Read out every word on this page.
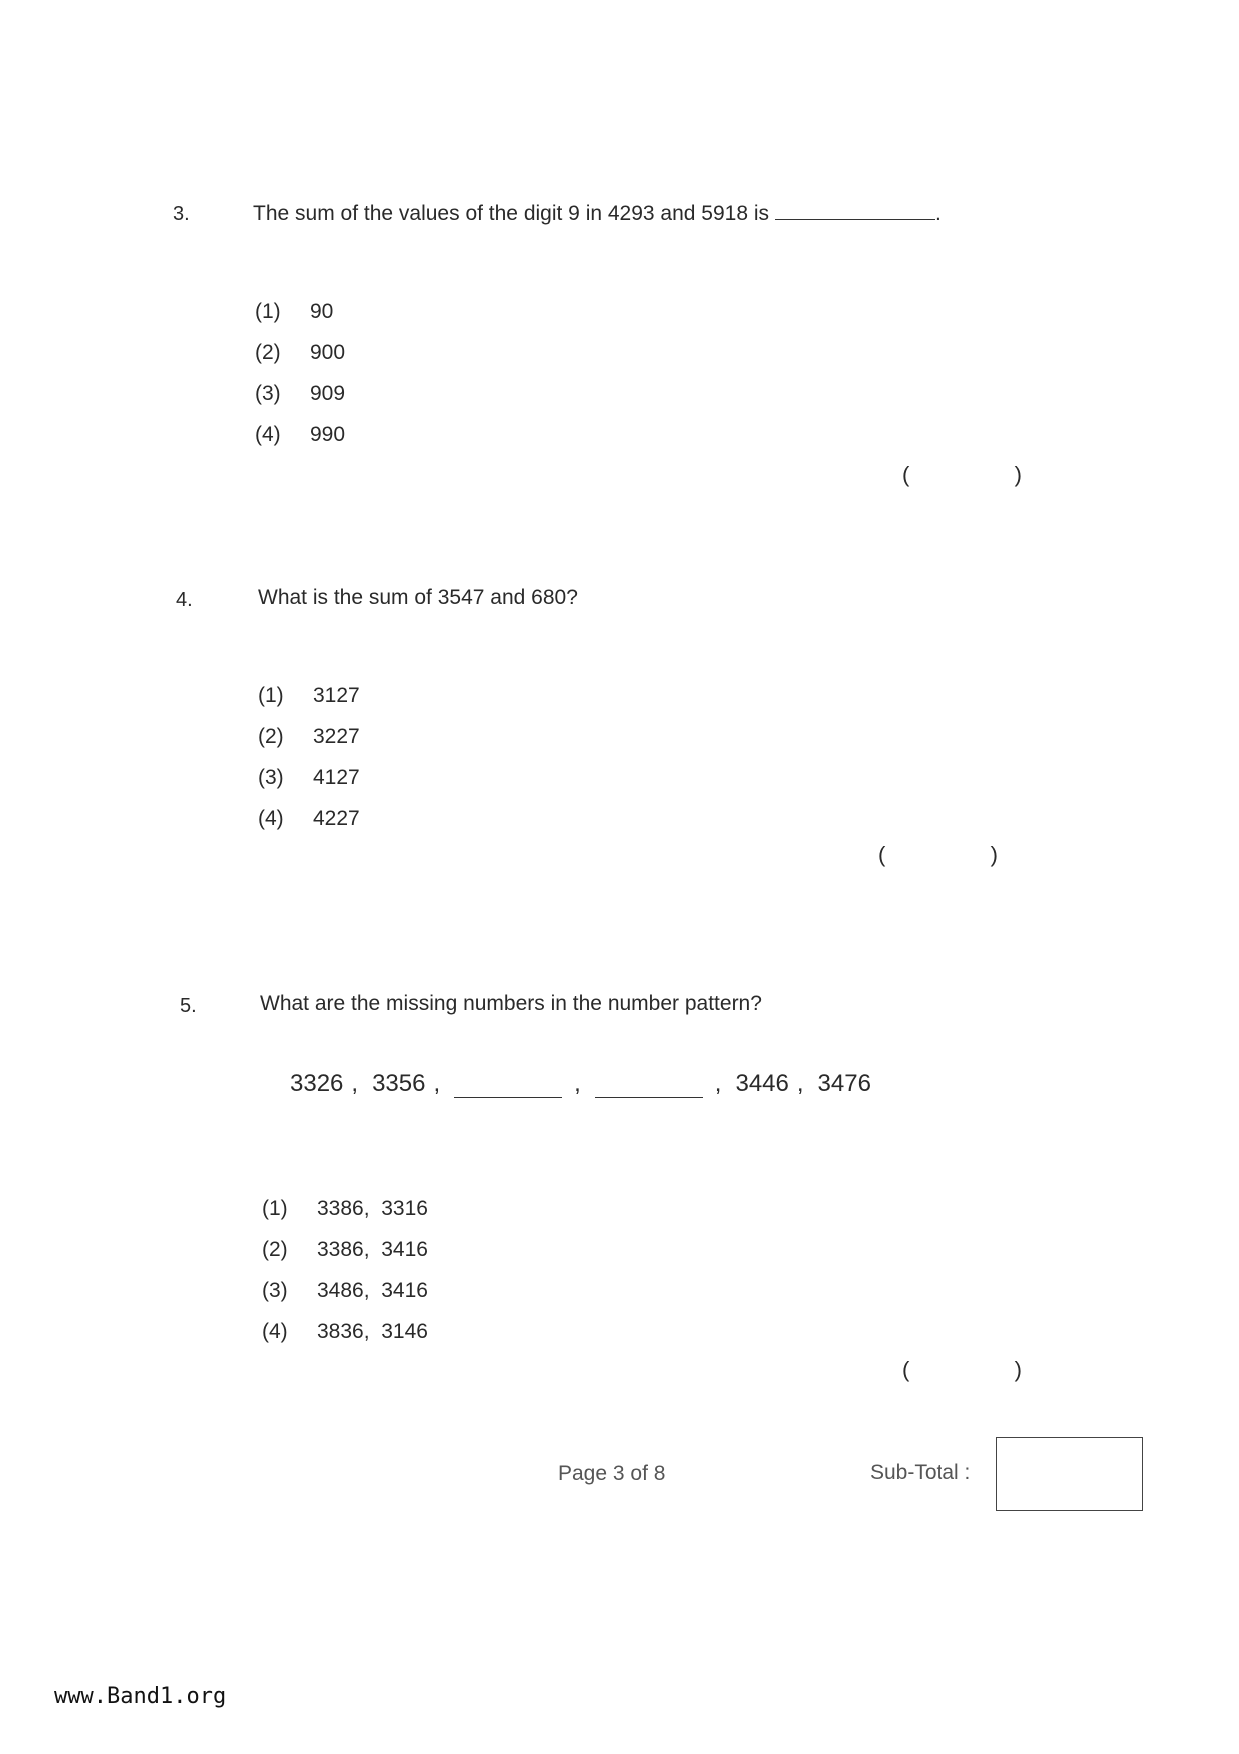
3.	The sum of the values of the digit 9 in 4293 and 5918 is	.
(1)	90
(2)	900
(3)	909
(4)	990
(	)
4.	What is the sum of 3547 and 680?
(1)	3127
(2)	3227
(3)	4127
(4)	4227
(	)
5.	What are the missing numbers in the number pattern?
3326 , 3356 ,	,	, 3446 , 3476
(1)	3386,  3316
(2)	3386,  3416
(3)	3486,  3416
(4)	3836,  3146
(	)
Page 3 of 8	Sub-Total :
www.Band1.org
